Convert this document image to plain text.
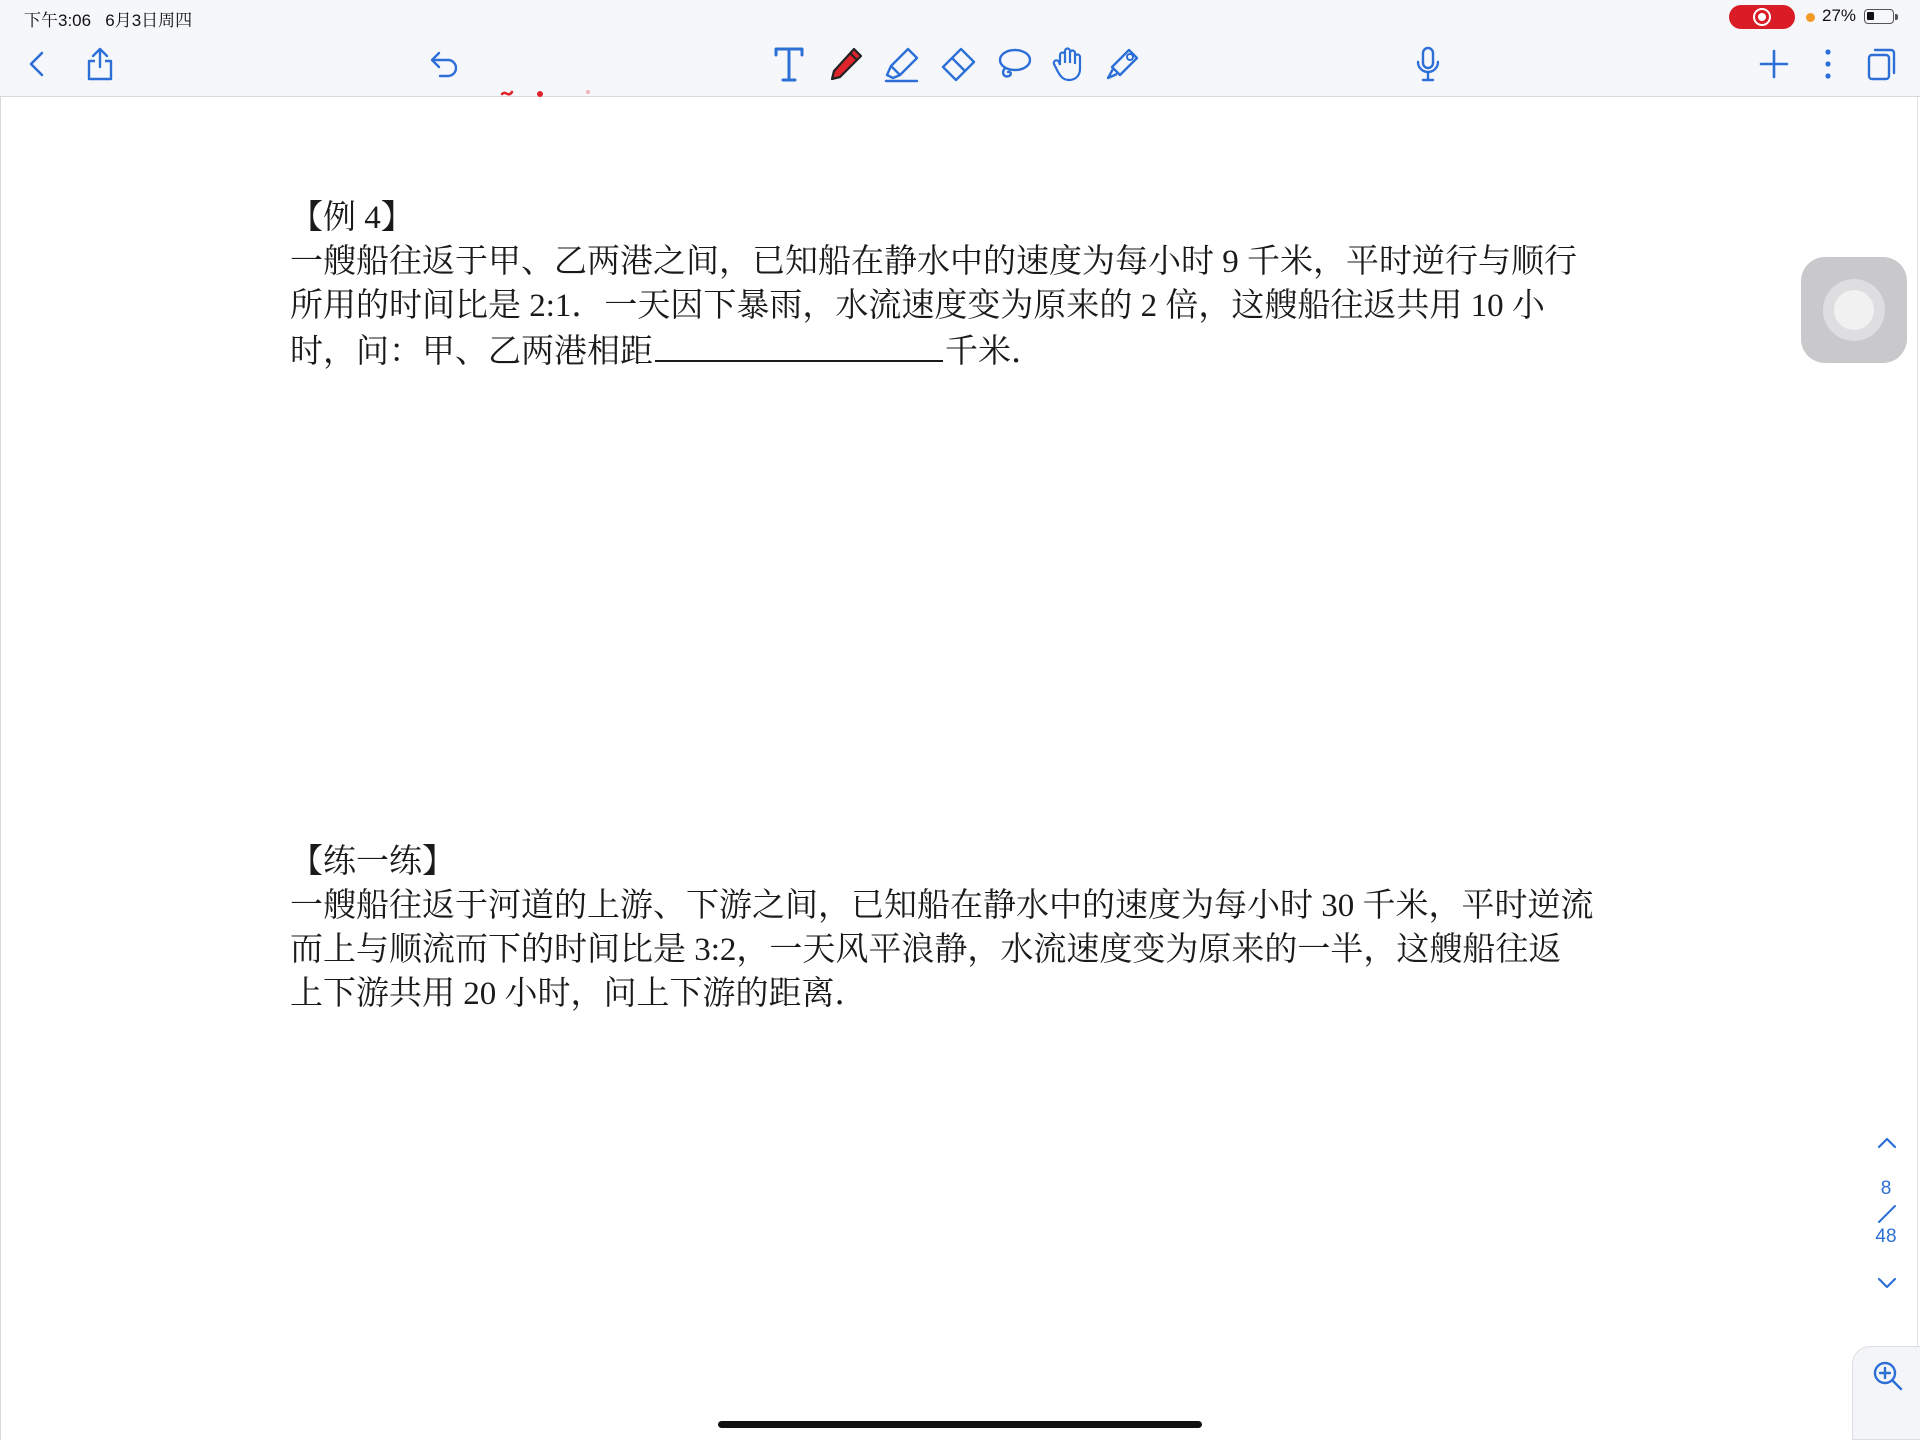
下午3:06 6月3日周四	27%
【例 4】
一艘船往返于甲、乙两港之间，已知船在静水中的速度为每小时 9 千米，平时逆行与顺行
所用的时间比是 2:1．一天因下暴雨，水流速度变为原来的 2 倍，这艘船往返共用 10 小
时，问：甲、乙两港相距	千米．
【练一练】
一艘船往返于河道的上游、下游之间，已知船在静水中的速度为每小时 30 千米，平时逆流
而上与顺流而下的时间比是 3:2，一天风平浪静，水流速度变为原来的一半，这艘船往返
上下游共用 20 小时，问上下游的距离．
8
48
